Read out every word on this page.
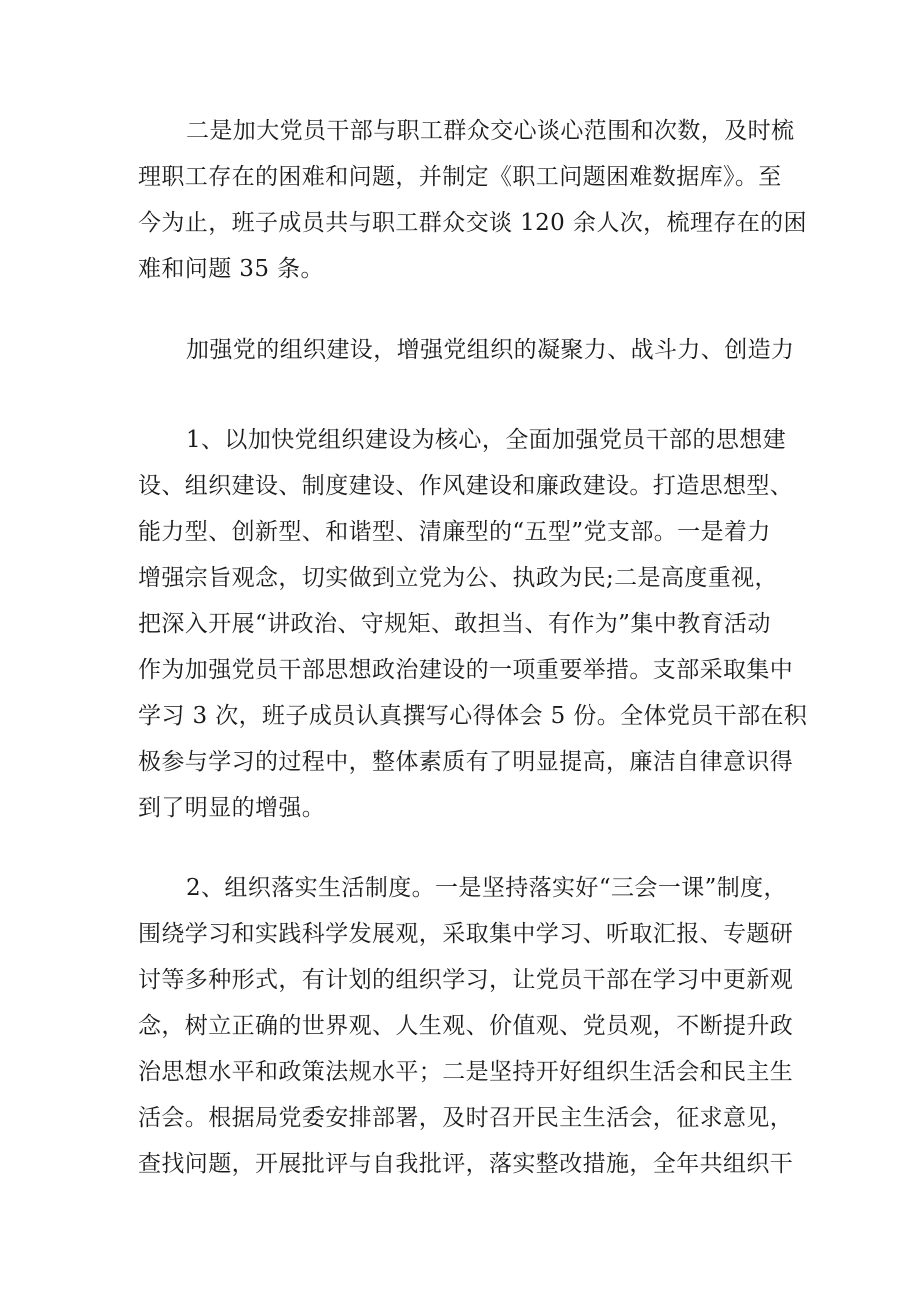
二是加大党员干部与职工群众交心谈心范围和次数，及时梳

理职工存在的困难和问题，并制定《职工问题困难数据库》。至

今为止，班子成员共与职工群众交谈 120 余人次，梳理存在的困

难和问题 35 条。

加强党的组织建设，增强党组织的凝聚力、战斗力、创造力

1、以加快党组织建设为核心，全面加强党员干部的思想建

设、组织建设、制度建设、作风建设和廉政建设。打造思想型、

能力型、创新型、和谐型、清廉型的“五型”党支部。一是着力

增强宗旨观念，切实做到立党为公、执政为民;二是高度重视，

把深入开展“讲政治、守规矩、敢担当、有作为”集中教育活动

作为加强党员干部思想政治建设的一项重要举措。支部采取集中

学习 3 次，班子成员认真撰写心得体会 5 份。全体党员干部在积

极参与学习的过程中，整体素质有了明显提高，廉洁自律意识得

到了明显的增强。

2、组织落实生活制度。一是坚持落实好“三会一课”制度，

围绕学习和实践科学发展观，采取集中学习、听取汇报、专题研

讨等多种形式，有计划的组织学习，让党员干部在学习中更新观

念，树立正确的世界观、人生观、价值观、党员观，不断提升政

治思想水平和政策法规水平；二是坚持开好组织生活会和民主生

活会。根据局党委安排部署，及时召开民主生活会，征求意见，

查找问题，开展批评与自我批评，落实整改措施，全年共组织干
